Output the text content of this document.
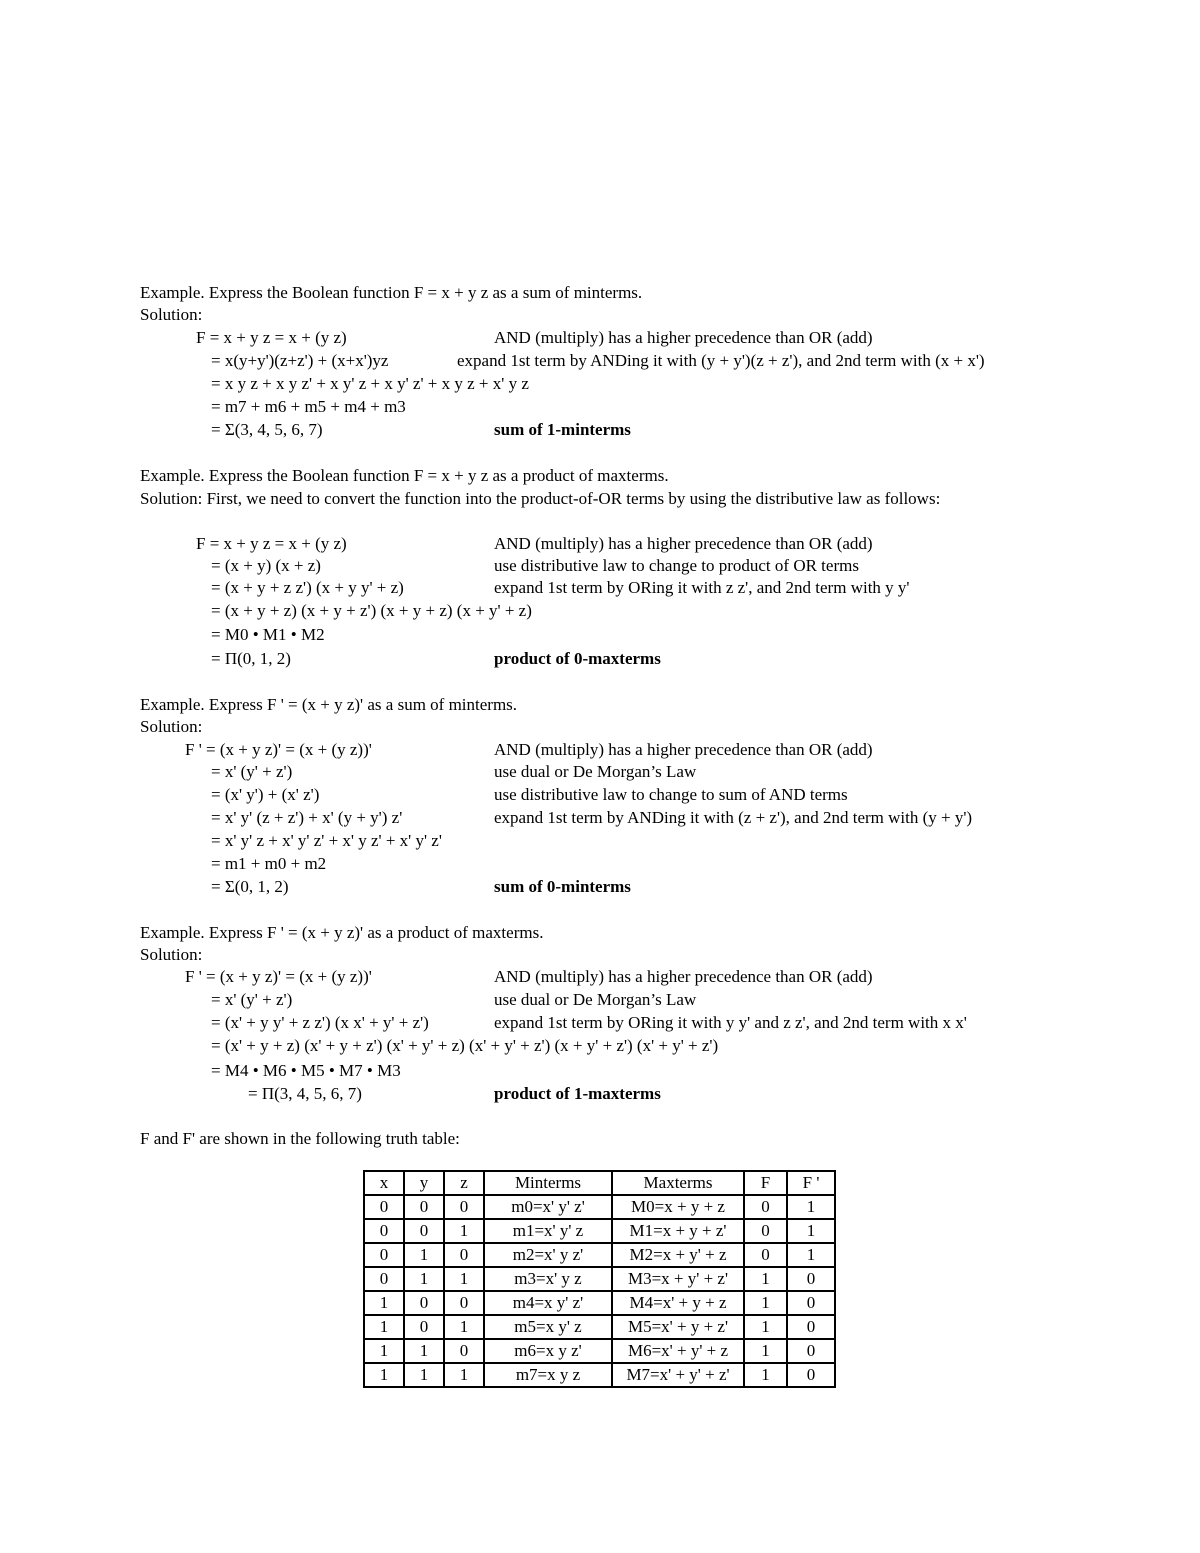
Example. Express the Boolean function F = x + y z as a sum of minterms.
Solution:
F = x + y z = x + (y z)	AND (multiply) has a higher precedence than OR (add)
= x(y+y')(z+z') + (x+x')yz	expand 1st term by ANDing it with (y + y')(z + z'), and 2nd term with (x + x')
= x y z + x y z' + x y' z + x y' z' + x y z + x' y z
= m7 + m6 + m5 + m4 + m3
= Σ(3, 4, 5, 6, 7)	sum of 1-minterms
Example. Express the Boolean function F = x + y z as a product of maxterms.
Solution: First, we need to convert the function into the product-of-OR terms by using the distributive law as follows:
F = x + y z = x + (y z)	AND (multiply) has a higher precedence than OR (add)
= (x + y) (x + z)	use distributive law to change to product of OR terms
= (x + y + z z') (x + y y' + z)	expand 1st term by ORing it with z z', and 2nd term with y y'
= (x + y + z) (x + y + z') (x + y + z) (x + y' + z)
= M0 • M1 • M2
= Π(0, 1, 2)	product of 0-maxterms
Example. Express F ' = (x + y z)' as a sum of minterms.
Solution:
F ' = (x + y z)' = (x + (y z))'	AND (multiply) has a higher precedence than OR (add)
= x' (y' + z')	use dual or De Morgan’s Law
= (x' y') + (x' z')	use distributive law to change to sum of AND terms
= x' y' (z + z') + x' (y + y') z'	expand 1st term by ANDing it with (z + z'), and 2nd term with (y + y')
= x' y' z + x' y' z' + x' y z' + x' y' z'
= m1 + m0 + m2
= Σ(0, 1, 2)	sum of 0-minterms
Example. Express F ' = (x + y z)' as a product of maxterms.
Solution:
F ' = (x + y z)' = (x + (y z))'	AND (multiply) has a higher precedence than OR (add)
= x' (y' + z')	use dual or De Morgan’s Law
= (x' + y y' + z z') (x x' + y' + z')	expand 1st term by ORing it with y y' and z z', and 2nd term with x x'
= (x' + y + z) (x' + y + z') (x' + y' + z) (x' + y' + z') (x + y' + z') (x' + y' + z')
= M4 • M6 • M5 • M7 • M3
= Π(3, 4, 5, 6, 7)	product of 1-maxterms
F and F' are shown in the following truth table:
x	y	z	Minterms	Maxterms	F	F '
0	0	0	m0=x' y' z'	M0=x + y + z	0	1
0	0	1	m1=x' y' z	M1=x + y + z'	0	1
0	1	0	m2=x' y z'	M2=x + y' + z	0	1
0	1	1	m3=x' y z	M3=x + y' + z'	1	0
1	0	0	m4=x y' z'	M4=x' + y + z	1	0
1	0	1	m5=x y' z	M5=x' + y + z'	1	0
1	1	0	m6=x y z'	M6=x' + y' + z	1	0
1	1	1	m7=x y z	M7=x' + y' + z'	1	0
